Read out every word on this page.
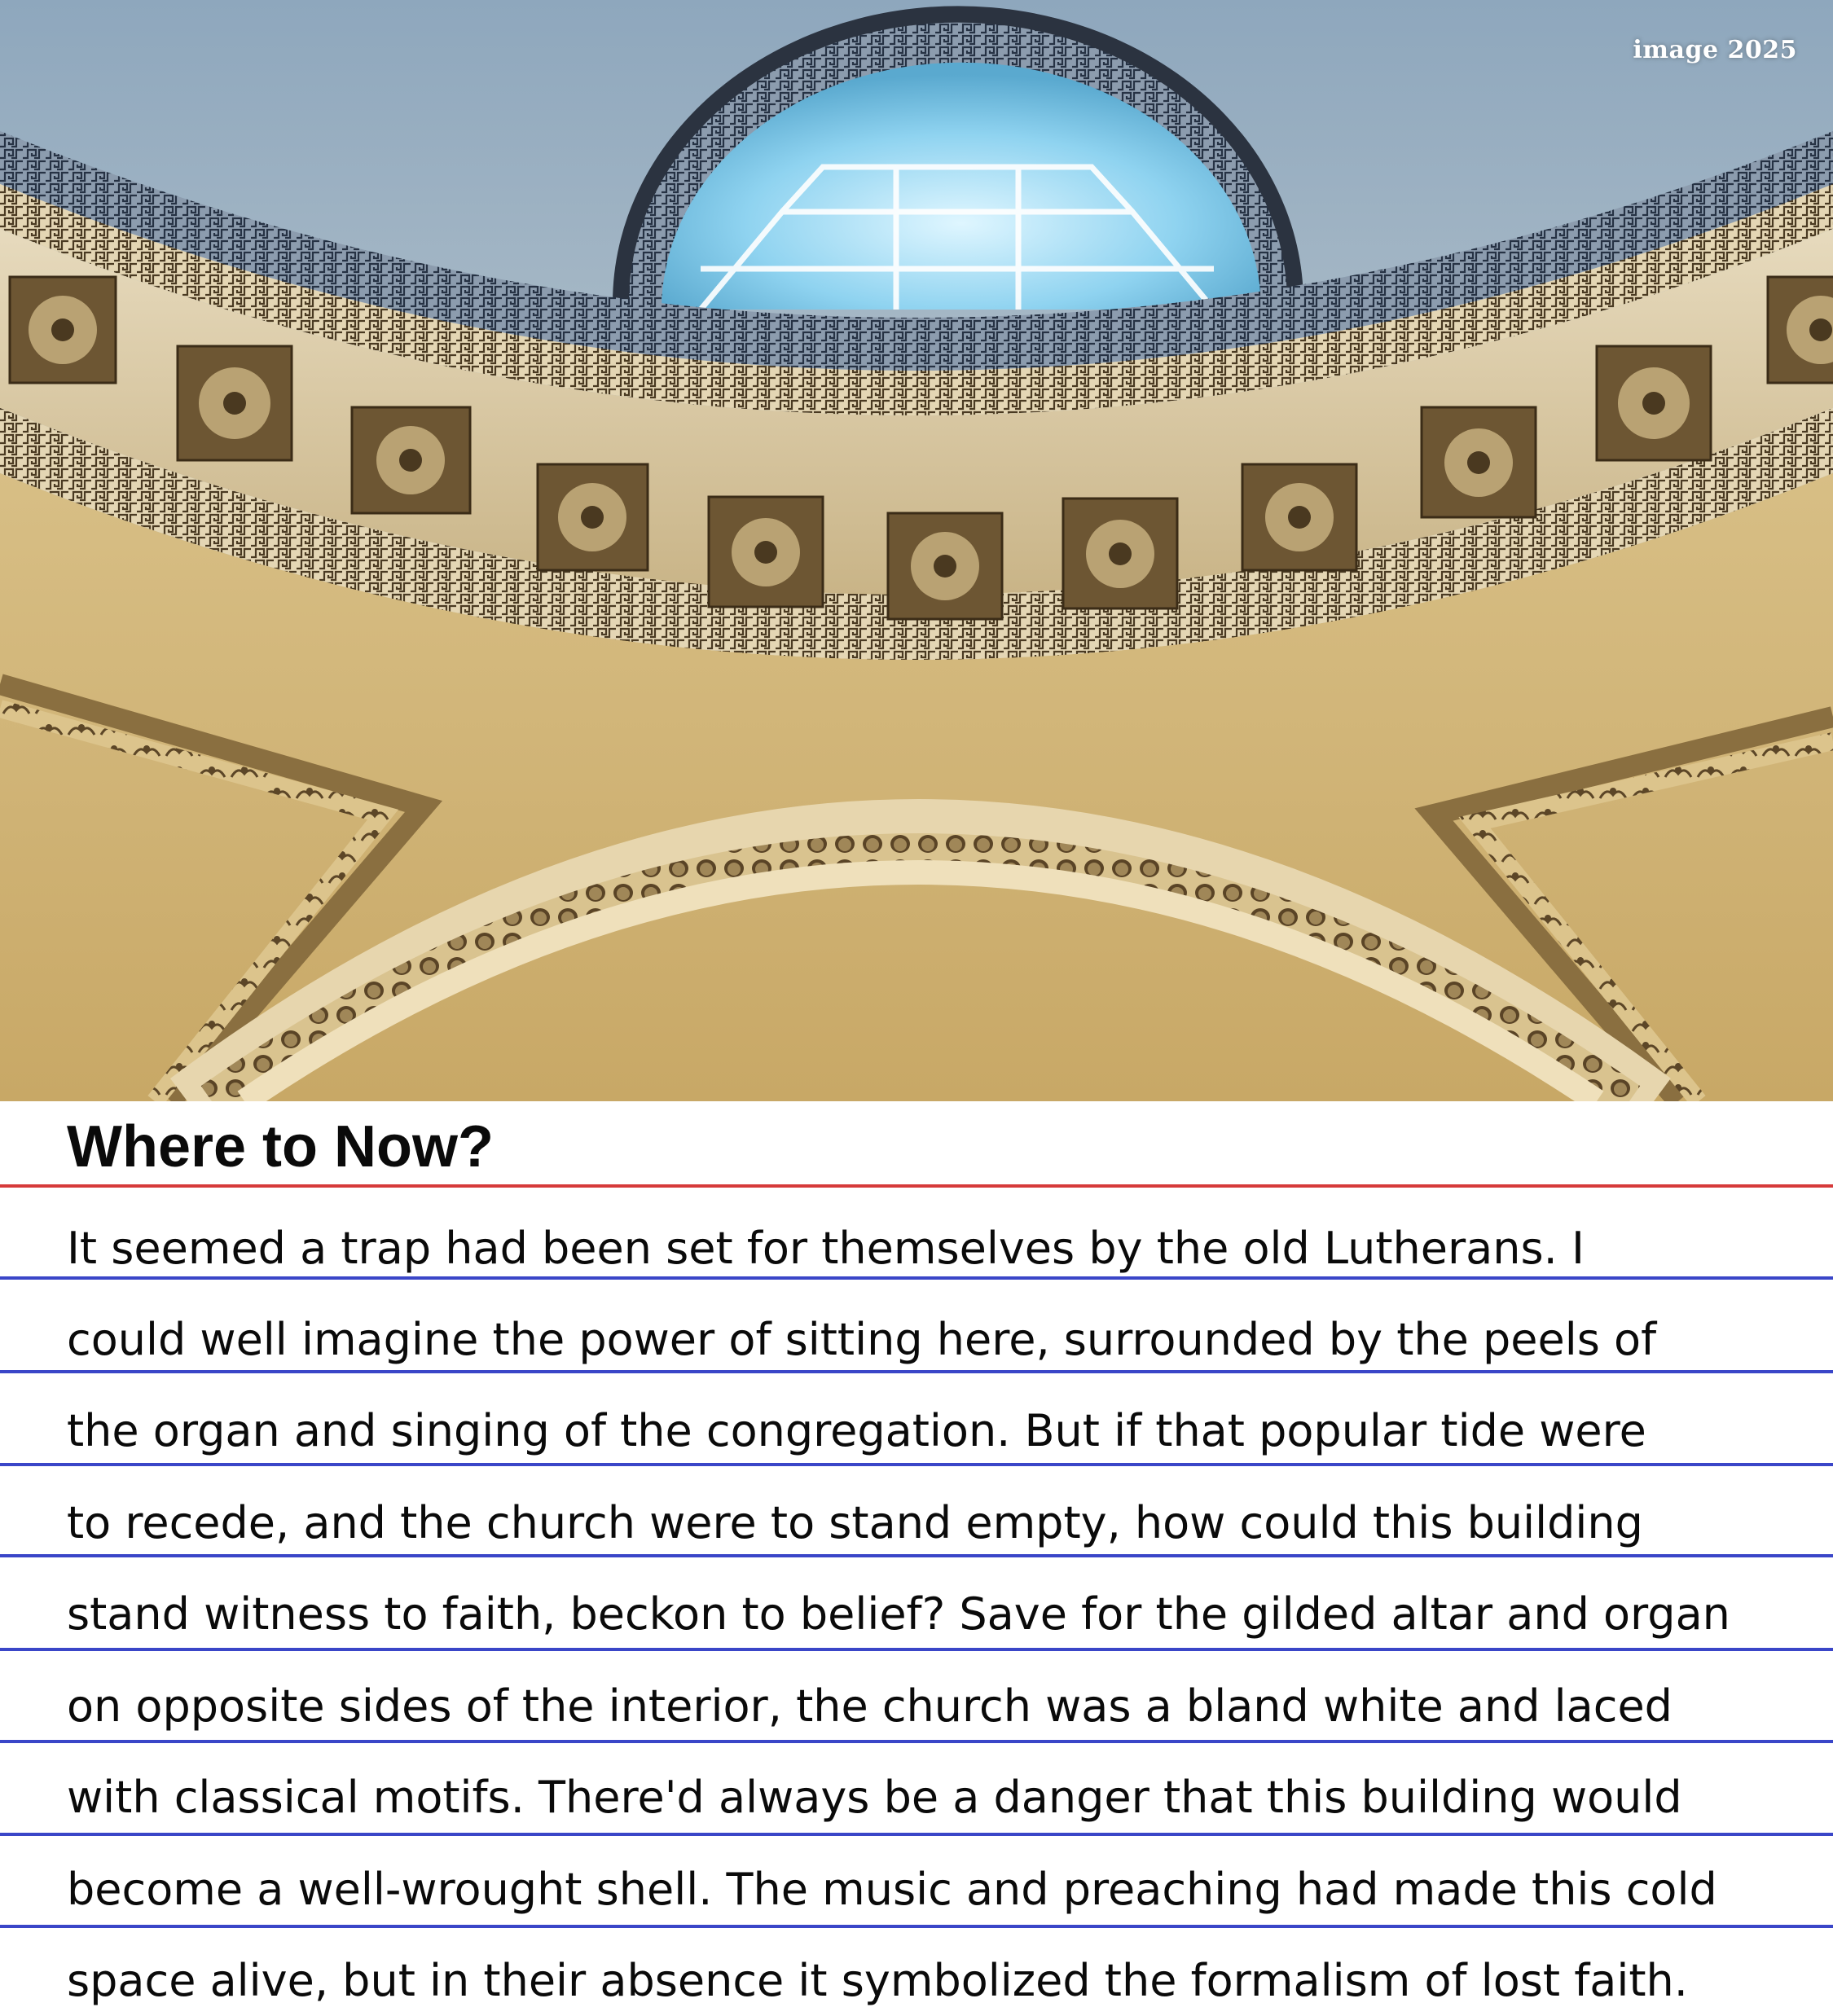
image 2025
Where to Now?

It seemed a trap had been set for themselves by the old Lutherans. I

could well imagine the power of sitting here, surrounded by the peels of

the organ and singing of the congregation. But if that popular tide were

to recede, and the church were to stand empty, how could this building

stand witness to faith, beckon to belief? Save for the gilded altar and organ

on opposite sides of the interior, the church was a bland white and laced

with classical motifs. There'd always be a danger that this building would

become a well-wrought shell. The music and preaching had made this cold

space alive, but in their absence it symbolized the formalism of lost faith.
